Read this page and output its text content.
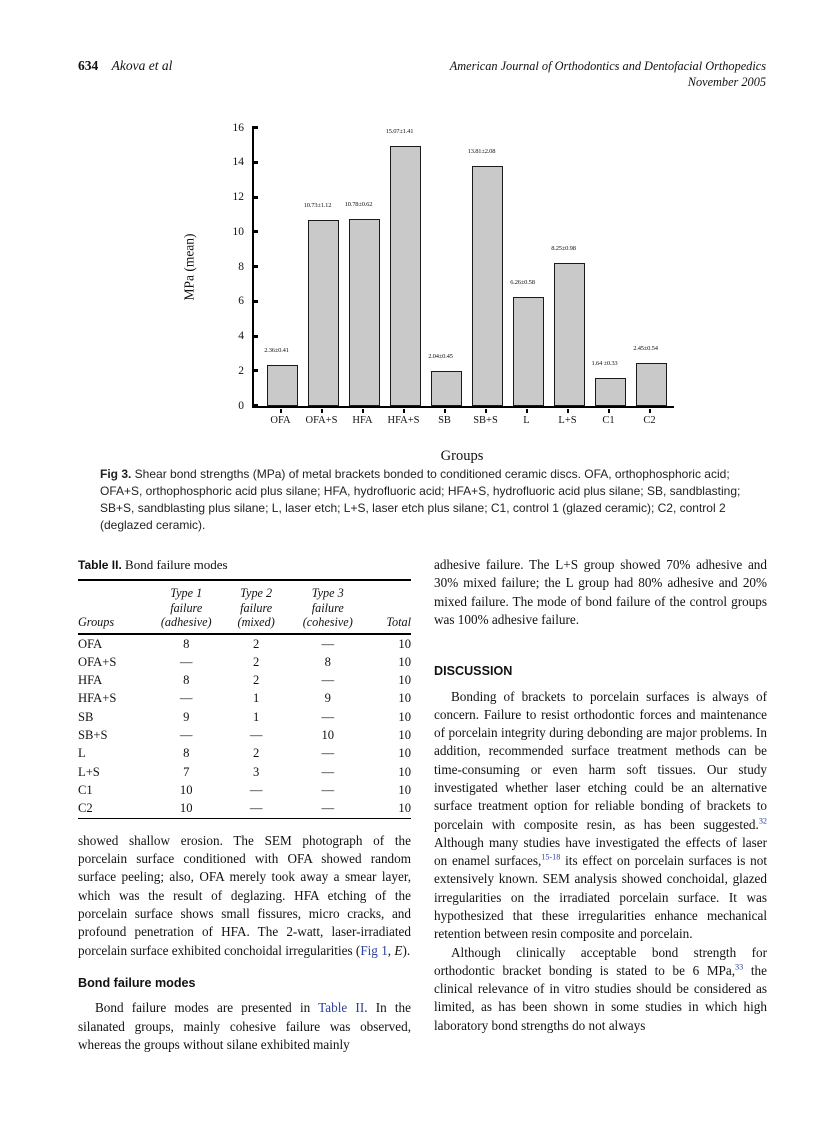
634 Akova et al	American Journal of Orthodontics and Dentofacial Orthopedics
November 2005
MPa (mean)
0
2
4
6
8
10
12
14
16
2.36±0.41
10.73±1.12 10.78±0.62
15.07±1.41
2.04±0.45
13.81±2.08
6.26±0.58
8.25±0.98
1.64 ±0.33
2.45±0.54
OFA OFA+S HFA HFA+S SB SB+S L	L+S C1	C2
Groups

Fig 3. Shear bond strengths (MPa) of metal brackets bonded to conditioned ceramic discs. OFA, orthophosphoric acid; OFA+S, orthophosphoric acid plus silane; HFA, hydrofluoric acid; HFA+S, hydrofluoric acid plus silane; SB, sandblasting; SB+S, sandblasting plus silane; L, laser etch; L+S, laser etch plus silane; C1, control 1 (glazed ceramic); C2, control 2 (deglazed ceramic).

Table II. Bond failure modes
Groups

Type 1
failure
(adhesive)

Type 2
failure
(mixed)

Type 3
failure
(cohesive)	Total

OFA	8	2	—	10
OFA+S	—	2	8	10
HFA	8	2	—	10
HFA+S	—	1	9	10
SB	9	1	—	10
SB+S	—	—	10	10
L	8	2	—	10
L+S	7	3	—	10
C1	10	—	—	10
C2	10	—	—	10

showed shallow erosion. The SEM photograph of the porcelain surface conditioned with OFA showed random surface peeling; also, OFA merely took away a smear layer, which was the result of deglazing. HFA etching of the porcelain surface shows small fissures, micro cracks, and profound penetration of HFA. The 2-watt, laser-irradiated porcelain surface exhibited conchoidal irregularities (Fig 1, E).

Bond failure modes

Bond failure modes are presented in Table II. In the silanated groups, mainly cohesive failure was observed, whereas the groups without silane exhibited mainly

adhesive failure. The L+S group showed 70% adhesive and 30% mixed failure; the L group had 80% adhesive and 20% mixed failure. The mode of bond failure of the control groups was 100% adhesive failure.

DISCUSSION

Bonding of brackets to porcelain surfaces is always of concern. Failure to resist orthodontic forces and maintenance of porcelain integrity during debonding are major problems. In addition, recommended surface treatment methods can be time-consuming or even harm soft tissues. Our study investigated whether laser etching could be an alternative surface treatment option for reliable bonding of brackets to porcelain with composite resin, as has been suggested.$^{32}$ Although many studies have investigated the effects of laser on enamel surfaces,$^{15-18}$ its effect on porcelain surfaces is not extensively known. SEM analysis showed conchoidal, glazed irregularities on the irradiated porcelain surface. It was hypothesized that these irregularities enhance mechanical retention between resin composite and porcelain.

Although clinically acceptable bond strength for orthodontic bracket bonding is stated to be 6 MPa,$^{33}$ the clinical relevance of in vitro studies should be considered as limited, as has been shown in some studies in which high laboratory bond strengths do not always
